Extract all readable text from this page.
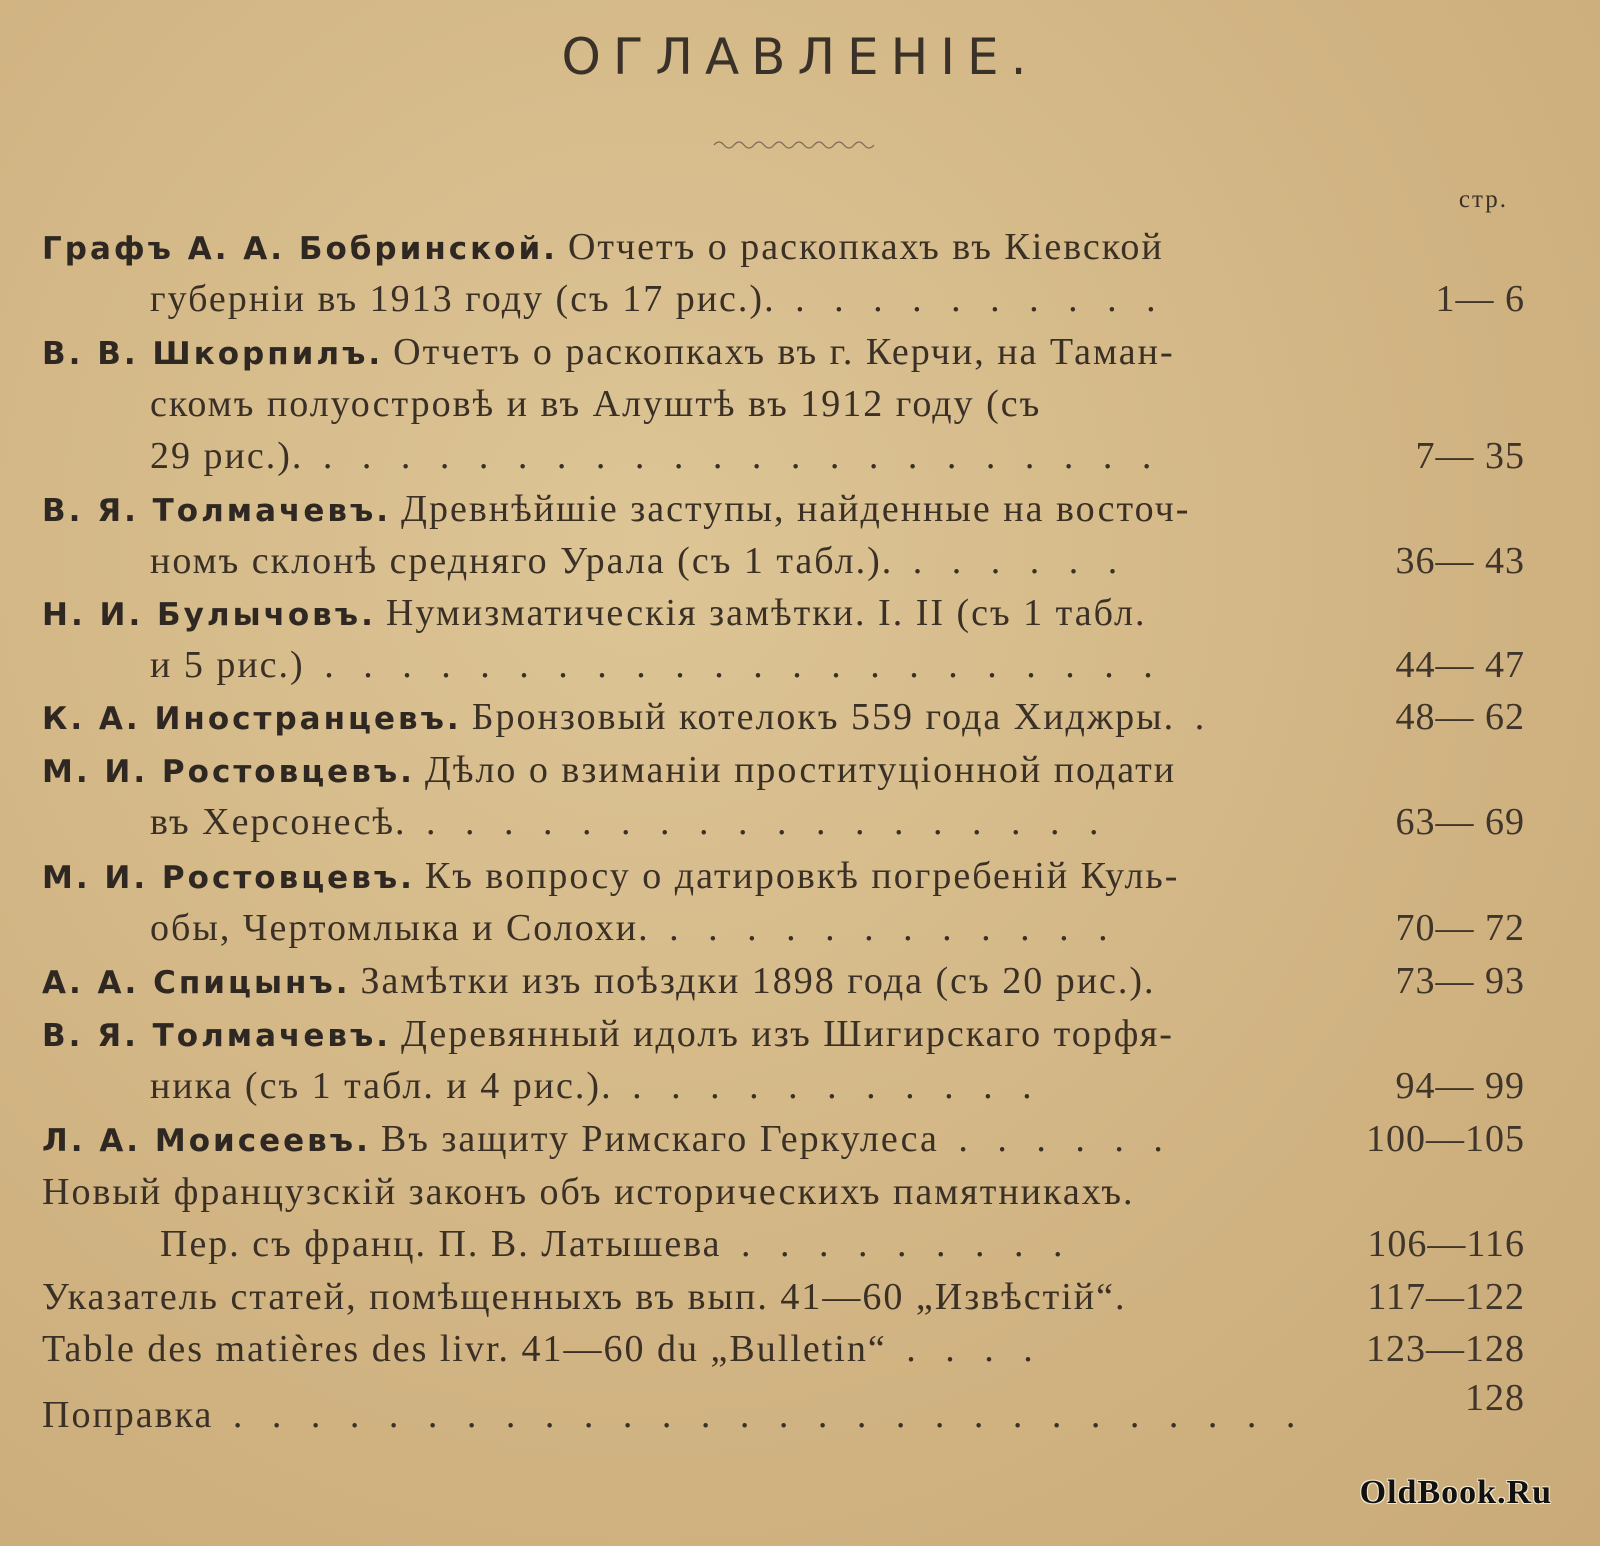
ОГЛАВЛЕНІЕ.
стр.
Графъ А. А. Бобринской. Отчетъ о раскопкахъ въ Кіевской
губерніи въ 1913 году (съ 17 рис.). . . . . . . . . . .	1— 6
В. В. Шкорпилъ. Отчетъ о раскопкахъ въ г. Керчи, на Таман-
скомъ полуостровѣ и въ Алуштѣ въ 1912 году (съ
29 рис.). . . . . . . . . . . . . . . . . . . . . . .	7— 35
В. Я. Толмачевъ. Древнѣйшіе заступы, найденные на восточ-
номъ склонѣ средняго Урала (съ 1 табл.). . . . . . .	36— 43
Н. И. Булычовъ. Нумизматическія замѣтки. I. II (съ 1 табл.
и 5 рис.) . . . . . . . . . . . . . . . . . . . . . .	44— 47
К. А. Иностранцевъ. Бронзовый котелокъ 559 года Хиджры. .	48— 62
М. И. Ростовцевъ. Дѣло о взиманіи проституціонной подати
въ Херсонесѣ. . . . . . . . . . . . . . . . . . .	63— 69
М. И. Ростовцевъ. Къ вопросу о датировкѣ погребеній Куль-
обы, Чертомлыка и Солохи. . . . . . . . . . . . .	70— 72
А. А. Спицынъ. Замѣтки изъ поѣздки 1898 года (съ 20 рис.).	73— 93
В. Я. Толмачевъ. Деревянный идолъ изъ Шигирскаго торфя-
ника (съ 1 табл. и 4 рис.). . . . . . . . . . . .	94— 99
Л. А. Моисеевъ. Въ защиту Римскаго Геркулеса . . . . . .	100—105
Новый французскій законъ объ историческихъ памятникахъ.
Пер. съ франц. П. В. Латышева . . . . . . . . .	106—116
Указатель статей, помѣщенныхъ въ вып. 41—60 „Извѣстій“.	117—122
Table des matières des livr. 41—60 du „Bulletin“ . . . .	123—128
Поправка . . . . . . . . . . . . . . . . . . . . . . . . . . . .	128
OldBook.Ru
